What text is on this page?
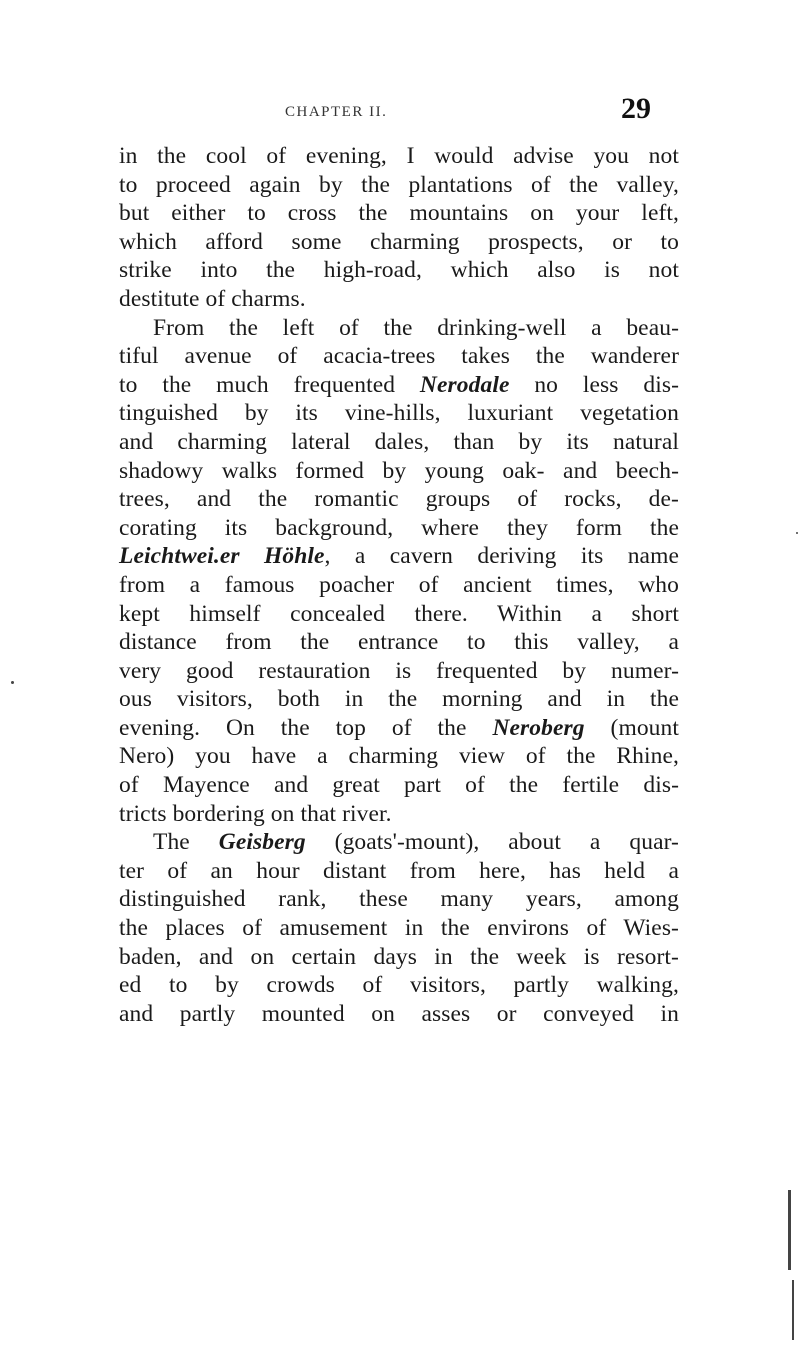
CHAPTER II.	29
in the cool of evening, I would advise you not
to proceed again by the plantations of the valley,
but either to cross the mountains on your left,
which afford some charming prospects, or to
strike into the high-road, which also is not
destitute of charms.
From the left of the drinking-well a beau-
tiful avenue of acacia-trees takes the wanderer
to the much frequented Nerodale no less dis-
tinguished by its vine-hills, luxuriant vegetation
and charming lateral dales, than by its natural
shadowy walks formed by young oak- and beech-
trees, and the romantic groups of rocks, de-
corating its background, where they form the
Leichtwei.er Höhle, a cavern deriving its name
from a famous poacher of ancient times, who
kept himself concealed there. Within a short
distance from the entrance to this valley, a
very good restauration is frequented by numer-
ous visitors, both in the morning and in the
evening. On the top of the Neroberg (mount
Nero) you have a charming view of the Rhine,
of Mayence and great part of the fertile dis-
tricts bordering on that river.
The Geisberg (goats'-mount), about a quar-
ter of an hour distant from here, has held a
distinguished rank, these many years, among
the places of amusement in the environs of Wies-
baden, and on certain days in the week is resort-
ed to by crowds of visitors, partly walking,
and partly mounted on asses or conveyed in
